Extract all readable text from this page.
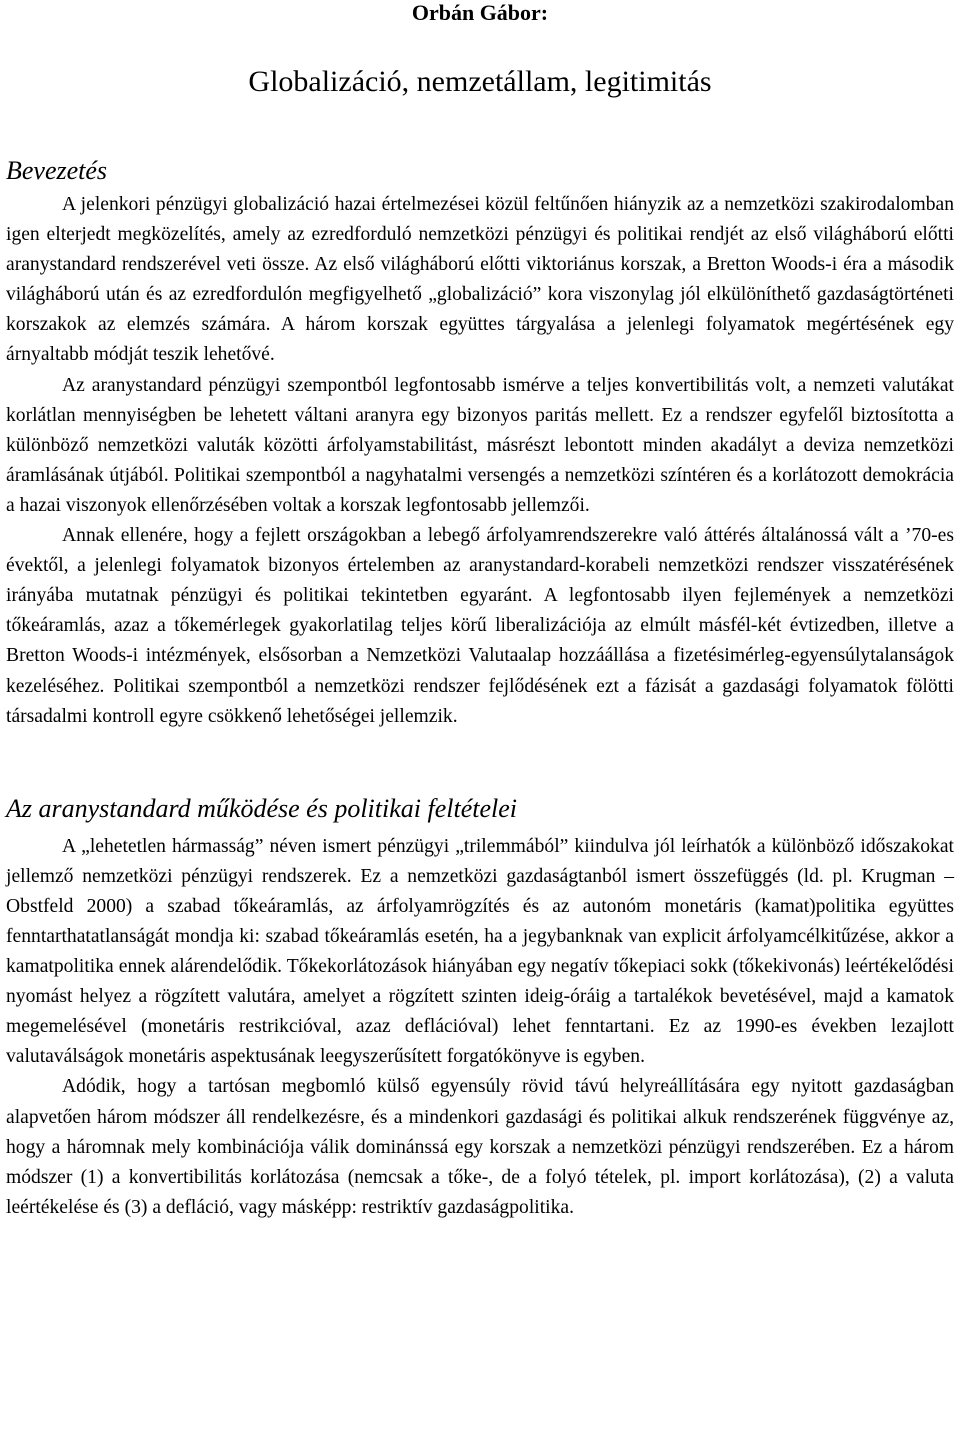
Orbán Gábor:
Globalizáció, nemzetállam, legitimitás
Bevezetés

A jelenkori pénzügyi globalizáció hazai értelmezései közül feltűnően hiányzik az a nemzetközi szakirodalomban igen elterjedt megközelítés, amely az ezredforduló nemzetközi pénzügyi és politikai rendjét az első világháború előtti aranystandard rendszerével veti össze. Az első világháború előtti viktoriánus korszak, a Bretton Woods-i éra a második világháború után és az ezredfordulón megfigyelhető „globalizáció” kora viszonylag jól elkülöníthető gazdaságtörténeti korszakok az elemzés számára. A három korszak együttes tárgyalása a jelenlegi folyamatok megértésének egy árnyaltabb módját teszik lehetővé.

Az aranystandard pénzügyi szempontból legfontosabb ismérve a teljes konvertibilitás volt, a nemzeti valutákat korlátlan mennyiségben be lehetett váltani aranyra egy bizonyos paritás mellett. Ez a rendszer egyfelől biztosította a különböző nemzetközi valuták közötti árfolyamstabilitást, másrészt lebontott minden akadályt a deviza nemzetközi áramlásának útjából. Politikai szempontból a nagyhatalmi versengés a nemzetközi színtéren és a korlátozott demokrácia a hazai viszonyok ellenőrzésében voltak a korszak legfontosabb jellemzői.

Annak ellenére, hogy a fejlett országokban a lebegő árfolyamrendszerekre való áttérés általánossá vált a ’70-es évektől, a jelenlegi folyamatok bizonyos értelemben az aranystandard-korabeli nemzetközi rendszer visszatérésének irányába mutatnak pénzügyi és politikai tekintetben egyaránt. A legfontosabb ilyen fejlemények a nemzetközi tőkeáramlás, azaz a tőkemérlegek gyakorlatilag teljes körű liberalizációja az elmúlt másfél-két évtizedben, illetve a Bretton Woods-i intézmények, elsősorban a Nemzetközi Valutaalap hozzáállása a fizetésimérleg-egyensúlytalanságok kezeléséhez. Politikai szempontból a nemzetközi rendszer fejlődésének ezt a fázisát a gazdasági folyamatok fölötti társadalmi kontroll egyre csökkenő lehetőségei jellemzik.

Az aranystandard működése és politikai feltételei

A „lehetetlen hármasság” néven ismert pénzügyi „trilemmából” kiindulva jól leírhatók a különböző időszakokat jellemző nemzetközi pénzügyi rendszerek. Ez a nemzetközi gazdaságtanból ismert összefüggés (ld. pl. Krugman – Obstfeld 2000) a szabad tőkeáramlás, az árfolyamrögzítés és az autonóm monetáris (kamat)politika együttes fenntarthatatlanságát mondja ki: szabad tőkeáramlás esetén, ha a jegybanknak van explicit árfolyamcélkitűzése, akkor a kamatpolitika ennek alárendelődik. Tőkekorlátozások hiányában egy negatív tőkepiaci sokk (tőkekivonás) leértékelődési nyomást helyez a rögzített valutára, amelyet a rögzített szinten ideig-óráig a tartalékok bevetésével, majd a kamatok megemelésével (monetáris restrikcióval, azaz deflációval) lehet fenntartani. Ez az 1990-es években lezajlott valutaválságok monetáris aspektusának leegyszerűsített forgatókönyve is egyben.

Adódik, hogy a tartósan megbomló külső egyensúly rövid távú helyreállítására egy nyitott gazdaságban alapvetően három módszer áll rendelkezésre, és a mindenkori gazdasági és politikai alkuk rendszerének függvénye az, hogy a háromnak mely kombinációja válik dominánssá egy korszak a nemzetközi pénzügyi rendszerében. Ez a három módszer (1) a konvertibilitás korlátozása (nemcsak a tőke-, de a folyó tételek, pl. import korlátozása), (2) a valuta leértékelése és (3) a defláció, vagy másképp: restriktív gazdaságpolitika.
